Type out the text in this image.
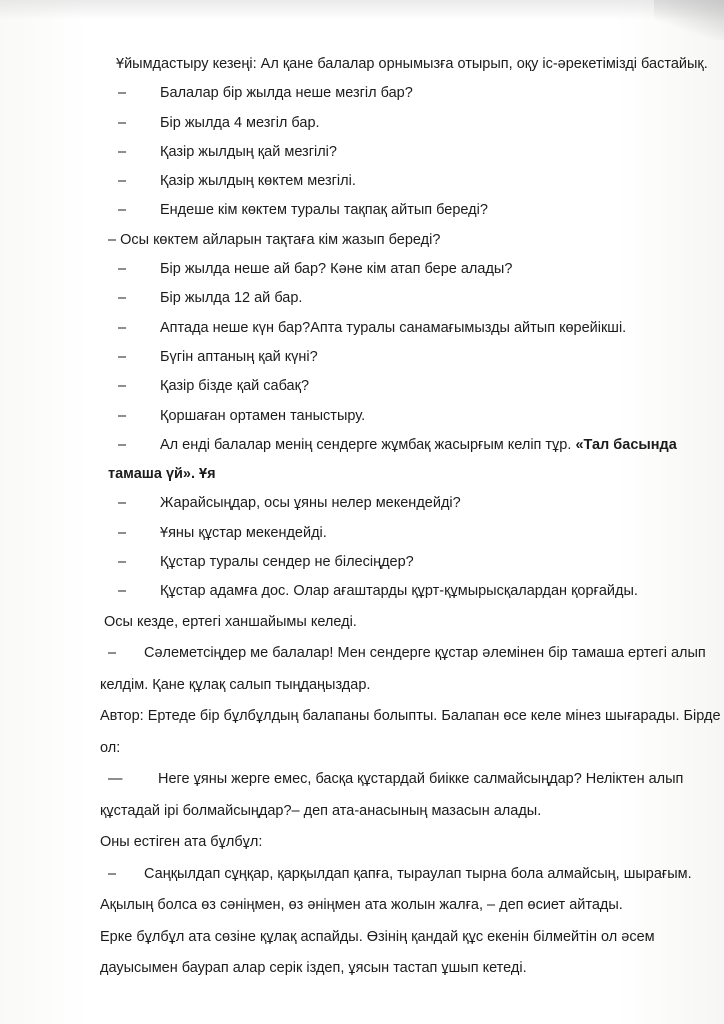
Ұйымдастыру кезеңі: Ал қане балалар орнымызға отырып, оқу іс-әрекетімізді бастайық.
– Балалар бір жылда неше мезгіл бар?
– Бір жылда 4 мезгіл бар.
– Қазір жылдың қай мезгілі?
– Қазір жылдың көктем мезгілі.
– Ендеше кім көктем туралы тақпақ айтып береді?
– Осы көктем айларын тақтаға кім жазып береді?
– Бір жылда неше ай бар? Кәне кім атап бере алады?
– Бір жылда 12 ай бар.
– Аптада неше күн бар?Апта туралы санамағымызды айтып көрейікші.
– Бүгін аптаның қай күні?
– Қазір бізде қай сабақ?
– Қоршаған ортамен таныстыру.
– Ал енді балалар менің сендерге жұмбақ жасырғым келіп тұр. «Тал басында
тамаша үй». Ұя
– Жарайсыңдар, осы ұяны нелер мекендейді?
– Ұяны құстар мекендейді.
– Құстар туралы сендер не білесіңдер?
– Құстар адамға дос. Олар ағаштарды құрт-құмырысқалардан қорғайды.
Осы кезде, ертегі ханшайымы келеді.
– Сәлеметсіңдер ме балалар! Мен сендерге құстар әлемінен бір тамаша ертегі алып
келдім. Қане құлақ салып тыңдаңыздар.
Автор: Ертеде бір бұлбұлдың балапаны болыпты. Балапан өсе келе мінез шығарады. Бірде
ол:
— Неге ұяны жерге емес, басқа құстардай биікке салмайсыңдар? Неліктен алып
құстадай ірі болмайсыңдар?– деп ата-анасының мазасын алады.
Оны естіген ата бұлбұл:
– Саңқылдап сұңқар, қарқылдап қапға, тыраулап тырна бола алмайсың, шырағым.
Ақылың болса өз сәніңмен, өз әніңмен ата жолын жалға, – деп өсиет айтады.
Ерке бұлбұл ата сөзіне құлақ аспайды. Өзінің қандай құс екенін білмейтін ол әсем
дауысымен баурап алар серік іздеп, ұясын тастап ұшып кетеді.
